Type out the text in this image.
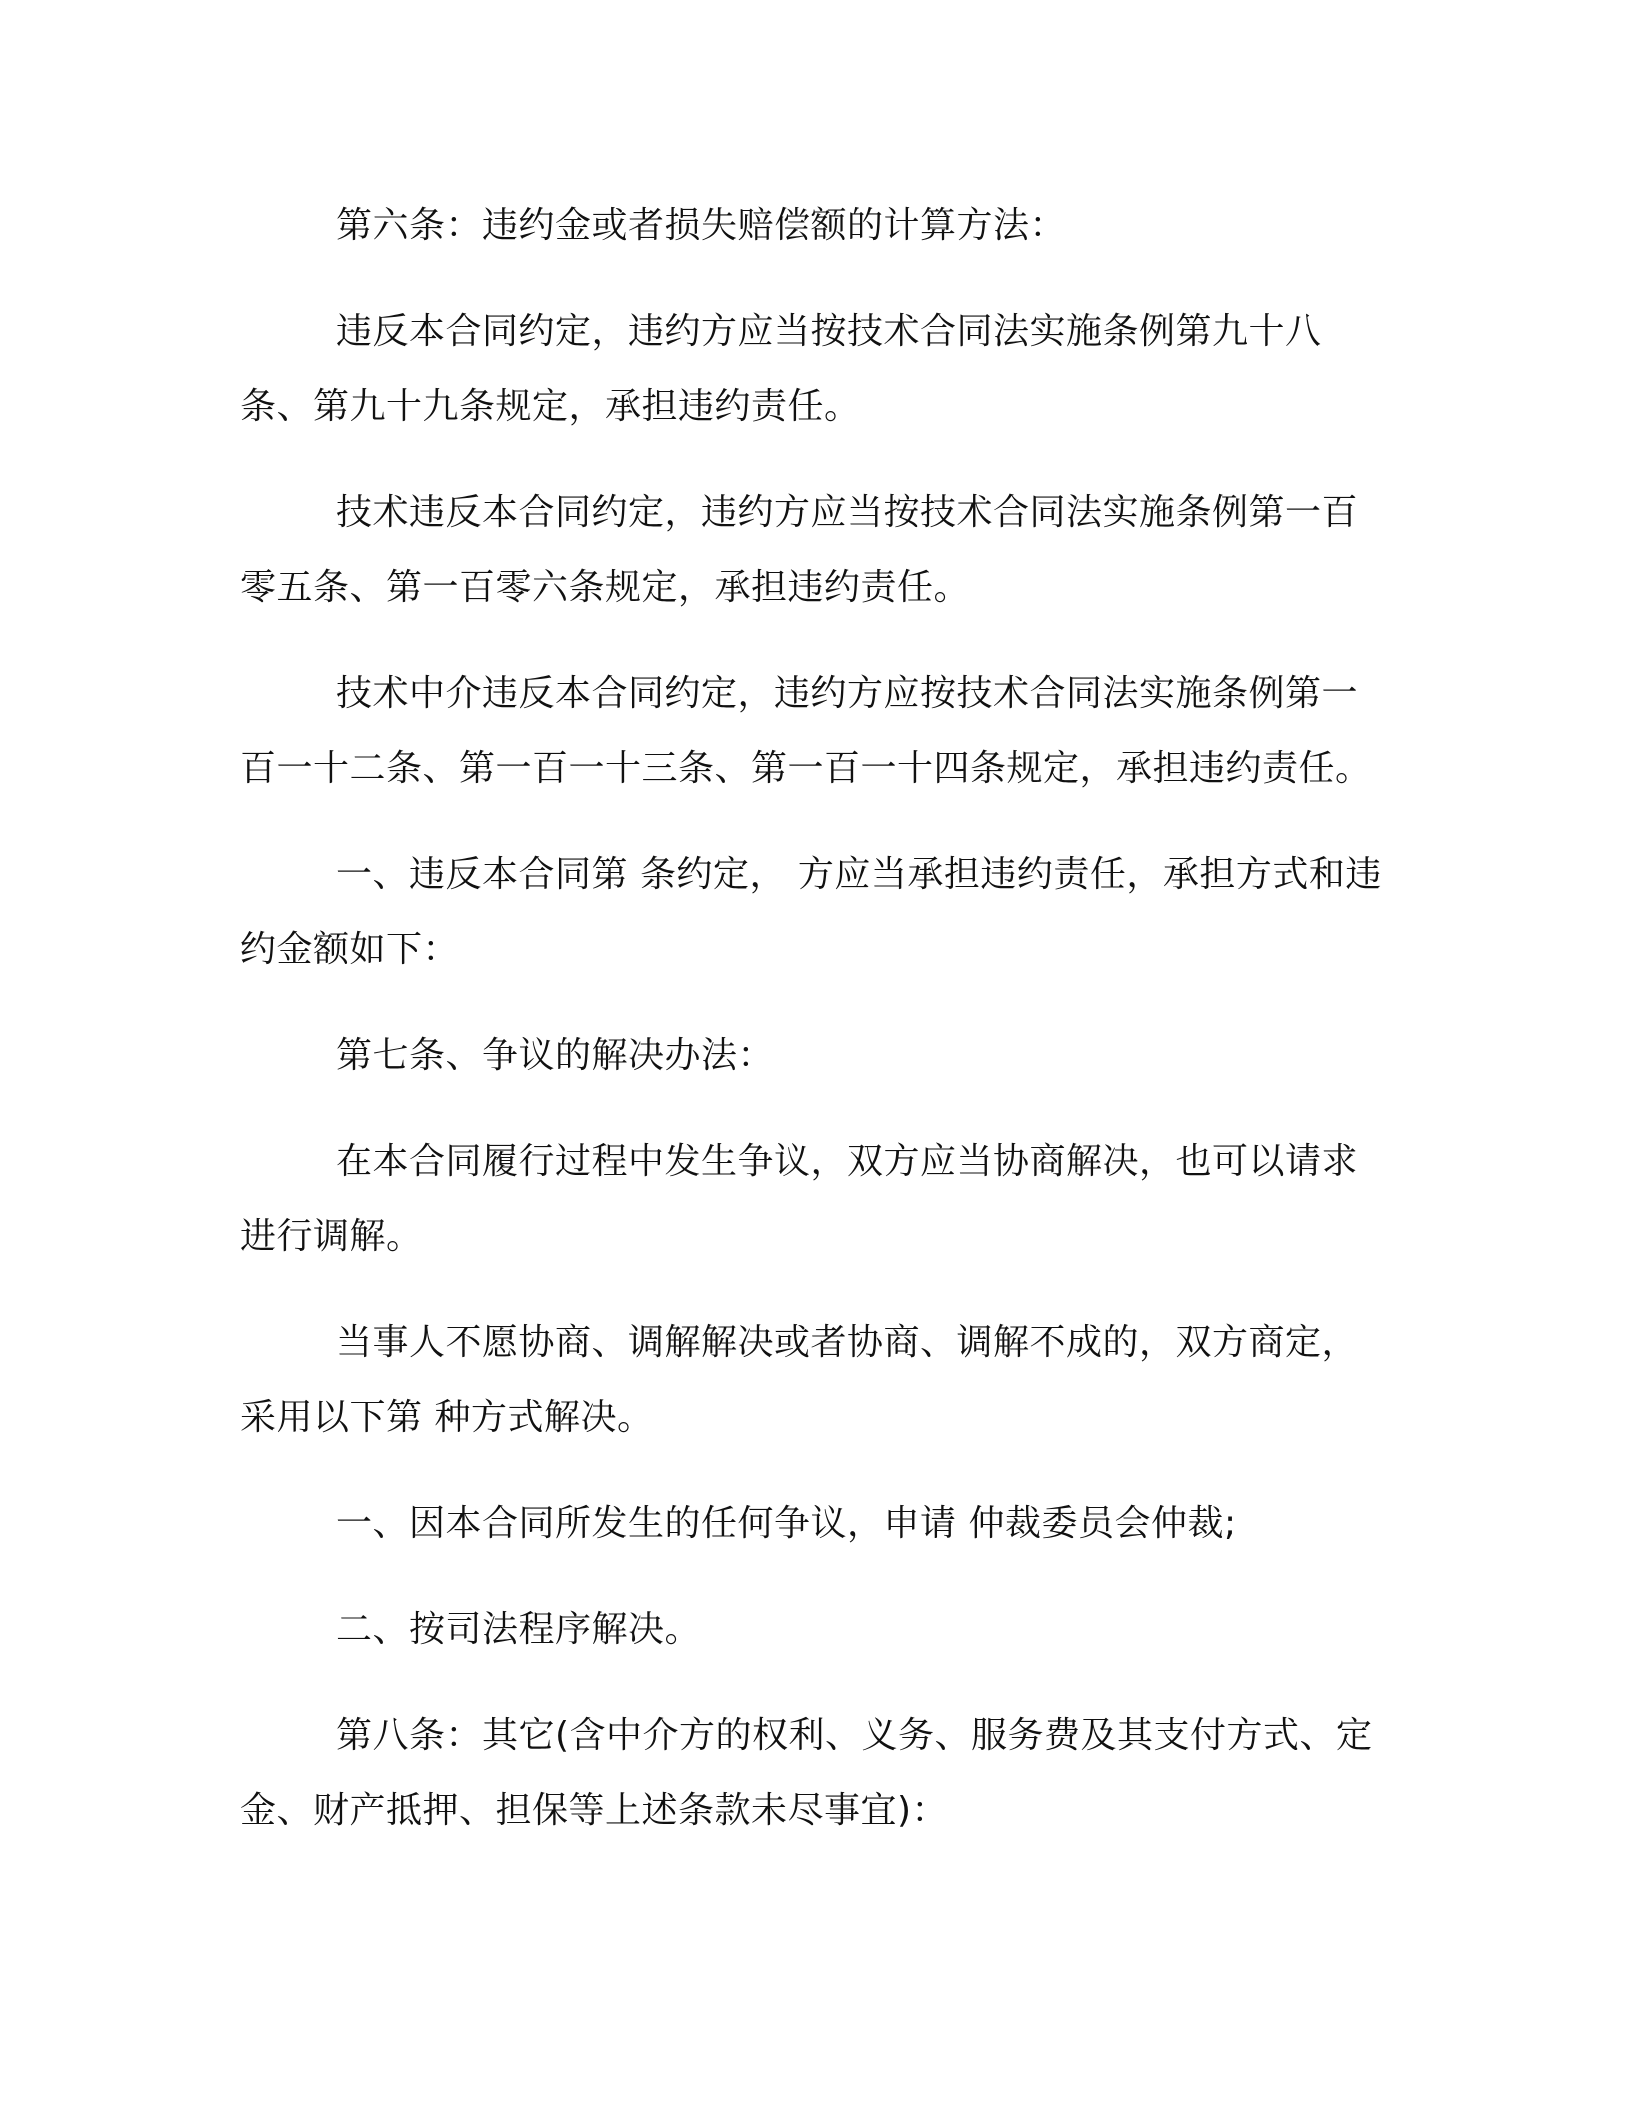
第六条：违约金或者损失赔偿额的计算方法：

违反本合同约定，违约方应当按技术合同法实施条例第九十八条、第九十九条规定，承担违约责任。

技术违反本合同约定，违约方应当按技术合同法实施条例第一百零五条、第一百零六条规定，承担违约责任。

技术中介违反本合同约定，违约方应按技术合同法实施条例第一百一十二条、第一百一十三条、第一百一十四条规定，承担违约责任。

一、违反本合同第 条约定， 方应当承担违约责任，承担方式和违约金额如下：

第七条、争议的解决办法：

在本合同履行过程中发生争议，双方应当协商解决，也可以请求进行调解。

当事人不愿协商、调解解决或者协商、调解不成的，双方商定，采用以下第 种方式解决。

一、因本合同所发生的任何争议，申请 仲裁委员会仲裁;

二、按司法程序解决。

第八条：其它(含中介方的权利、义务、服务费及其支付方式、定金、财产抵押、担保等上述条款未尽事宜)：
